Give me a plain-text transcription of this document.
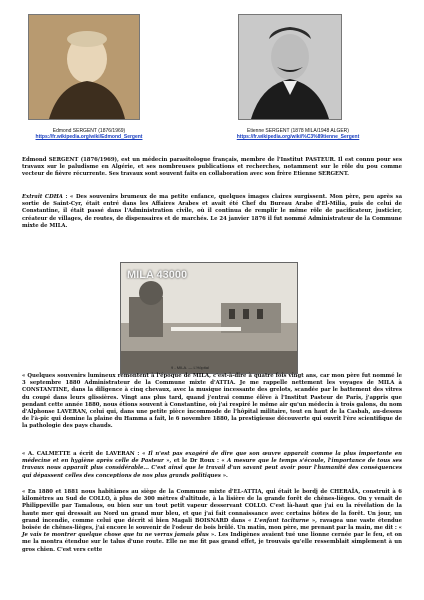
Edmond SERGENT (1876/1969)
https://fr.wikipedia.org/wiki/Edmond_Sergent
Etienne SERGENT (1878 MILA/1948 ALGER)
https://fr.wikipedia.org/wiki/%C3%89tienne_Sergent
Edmond SERGENT (1876/1969), est un médecin parasitologue français, membre de l'Institut PASTEUR. Il est connu pour ses travaux sur le paludisme en Algérie, et ses nombreuses publications et recherches, notamment sur le rôle du pou comme vecteur de fièvre récurrente. Ses travaux sont souvent faits en collaboration avec son frère Etienne SERGENT.
Extrait CDHA : « Des souvenirs brumeux de ma petite enfance, quelques images claires surgissent. Mon père, peu après sa sortie de Saint-Cyr, était entré dans les Affaires Arabes et avait été Chef du Bureau Arabe d'El-Milia, puis de celui de Constantine, il était passé dans l'Administration civile, où il continua de remplir le même rôle de pacificateur, justicier, créateur de villages, de routes, de dispensaires et de marchés. Le 24 janvier 1876 il fut nommé Administrateur de la Commune mixte de MILA.
MILA 43000
9 - MILA. — L'Hôpital
« Quelques souvenirs lumineux remontent à l'époque de MILA, c'est-à-dire à quatre fois vingt ans, car mon père fut nommé le 3 septembre 1880 Administrateur de la Commune mixte d'ATTIA. Je me rappelle nettement les voyages de MILA à CONSTANTINE, dans la diligence à cinq chevaux, avec la musique incessante des grelots, scandée par le battement des vitres du coupé dans leurs glissières. Vingt ans plus tard, quand j'entrai comme élève à l'Institut Pasteur de Paris, j'appris que pendant cette année 1880, nous étions souvent à Constantine, où j'ai respiré le même air qu'un médecin à trois galons, du nom d'Alphonse LAVERAN, celui qui, dans une petite pièce incommode de l'hôpital militaire, tout en haut de la Casbah, au-dessus de l'à-pic qui domine la plaine du Hamma a fait, le 6 novembre 1880, la prestigieuse découverte qui ouvrit l'ère scientifique de la pathologie des pays chauds.
« A. CALMETTE a écrit de LAVERAN : « Il n'est pas exagéré de dire que son œuvre apparaît comme la plus importante en médecine et en hygiène après celle de Pasteur », et le Dr Roux : « A mesure que le temps s'écoule, l'importance de tous ses travaux nous apparaît plus considérable... C'est ainsi que le travail d'un savant peut avoir pour l'humanité des conséquences qui dépassent celles des conceptions de nos plus grands politiques ».
« En 1880 et 1881 nous habitâmes au siège de la Commune mixte d'EL-ATTIA, qui était le bordj de CHERAÏA, construit à 6 kilomètres au Sud de COLLO, à plus de 300 mètres d'altitude, à la lisière de la grande forêt de chênes-lièges. On y venait de Philippeville par Tamalous, ou bien sur un tout petit vapeur desservant COLLO. C'est là-haut que j'ai eu la révélation de la haute mer qui dressait au Nord un grand mur bleu, et que j'ai fait connaissance avec certains hôtes de la forêt. Un jour, un grand incendie, comme celui que décrit si bien Magali BOISNARD dans « L'enfant taciturne », ravagea une vaste étendue boisée de chênes-lièges, j'ai encore le souvenir de l'odeur de bois brûlé. Un matin, mon père, me prenant par la main, me dit : « Je vais te montrer quelque chose que tu ne verras jamais plus ». Les Indigènes avaient tué une lionne cernée par le feu, et on me la montra étendue sur le talus d'une route. Elle ne me fit pas grand effet, je trouvais qu'elle ressemblait simplement à un gros chien. C'est vers cette
